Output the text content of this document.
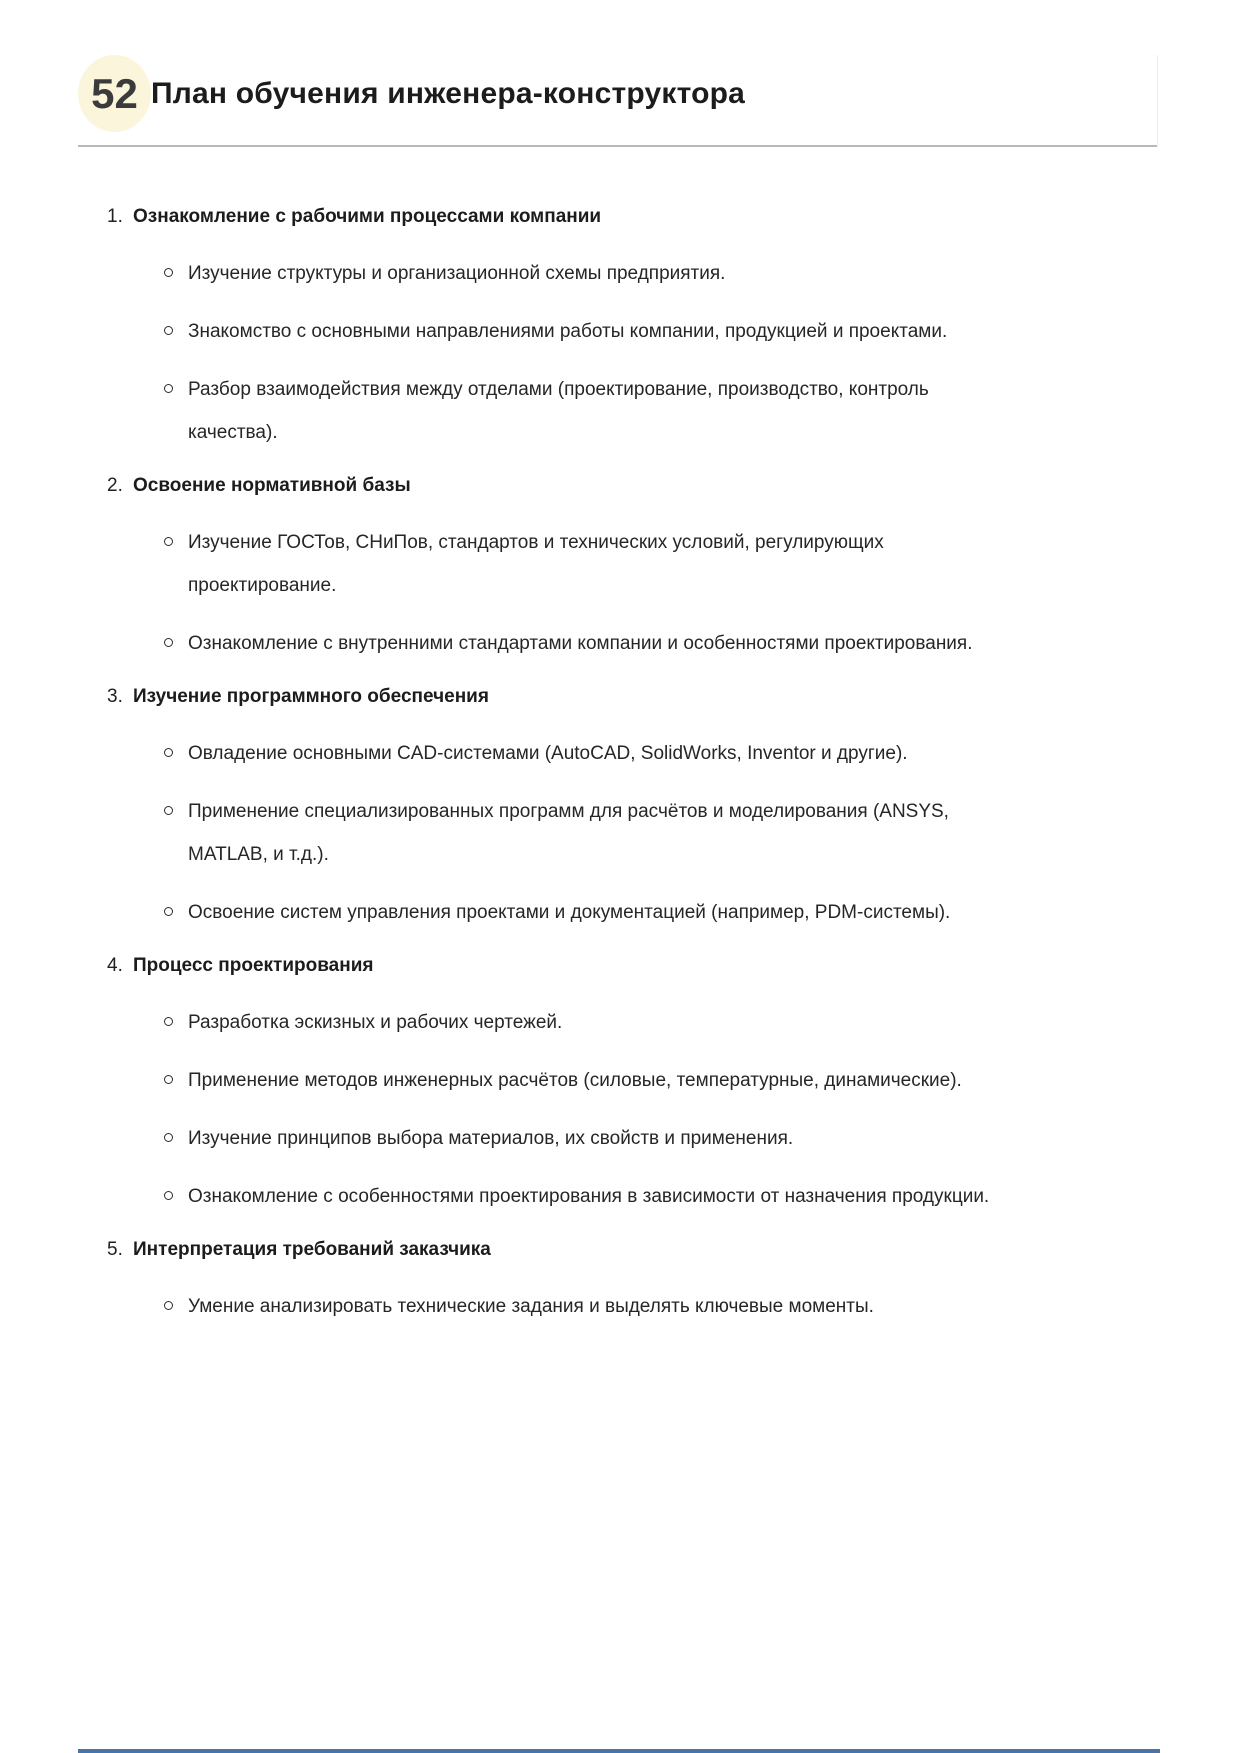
52 План обучения инженера-конструктора
1. Ознакомление с рабочими процессами компании
Изучение структуры и организационной схемы предприятия.
Знакомство с основными направлениями работы компании, продукцией и проектами.
Разбор взаимодействия между отделами (проектирование, производство, контроль качества).
2. Освоение нормативной базы
Изучение ГОСТов, СНиПов, стандартов и технических условий, регулирующих проектирование.
Ознакомление с внутренними стандартами компании и особенностями проектирования.
3. Изучение программного обеспечения
Овладение основными CAD-системами (AutoCAD, SolidWorks, Inventor и другие).
Применение специализированных программ для расчётов и моделирования (ANSYS, MATLAB, и т.д.).
Освоение систем управления проектами и документацией (например, PDM-системы).
4. Процесс проектирования
Разработка эскизных и рабочих чертежей.
Применение методов инженерных расчётов (силовые, температурные, динамические).
Изучение принципов выбора материалов, их свойств и применения.
Ознакомление с особенностями проектирования в зависимости от назначения продукции.
5. Интерпретация требований заказчика
Умение анализировать технические задания и выделять ключевые моменты.
